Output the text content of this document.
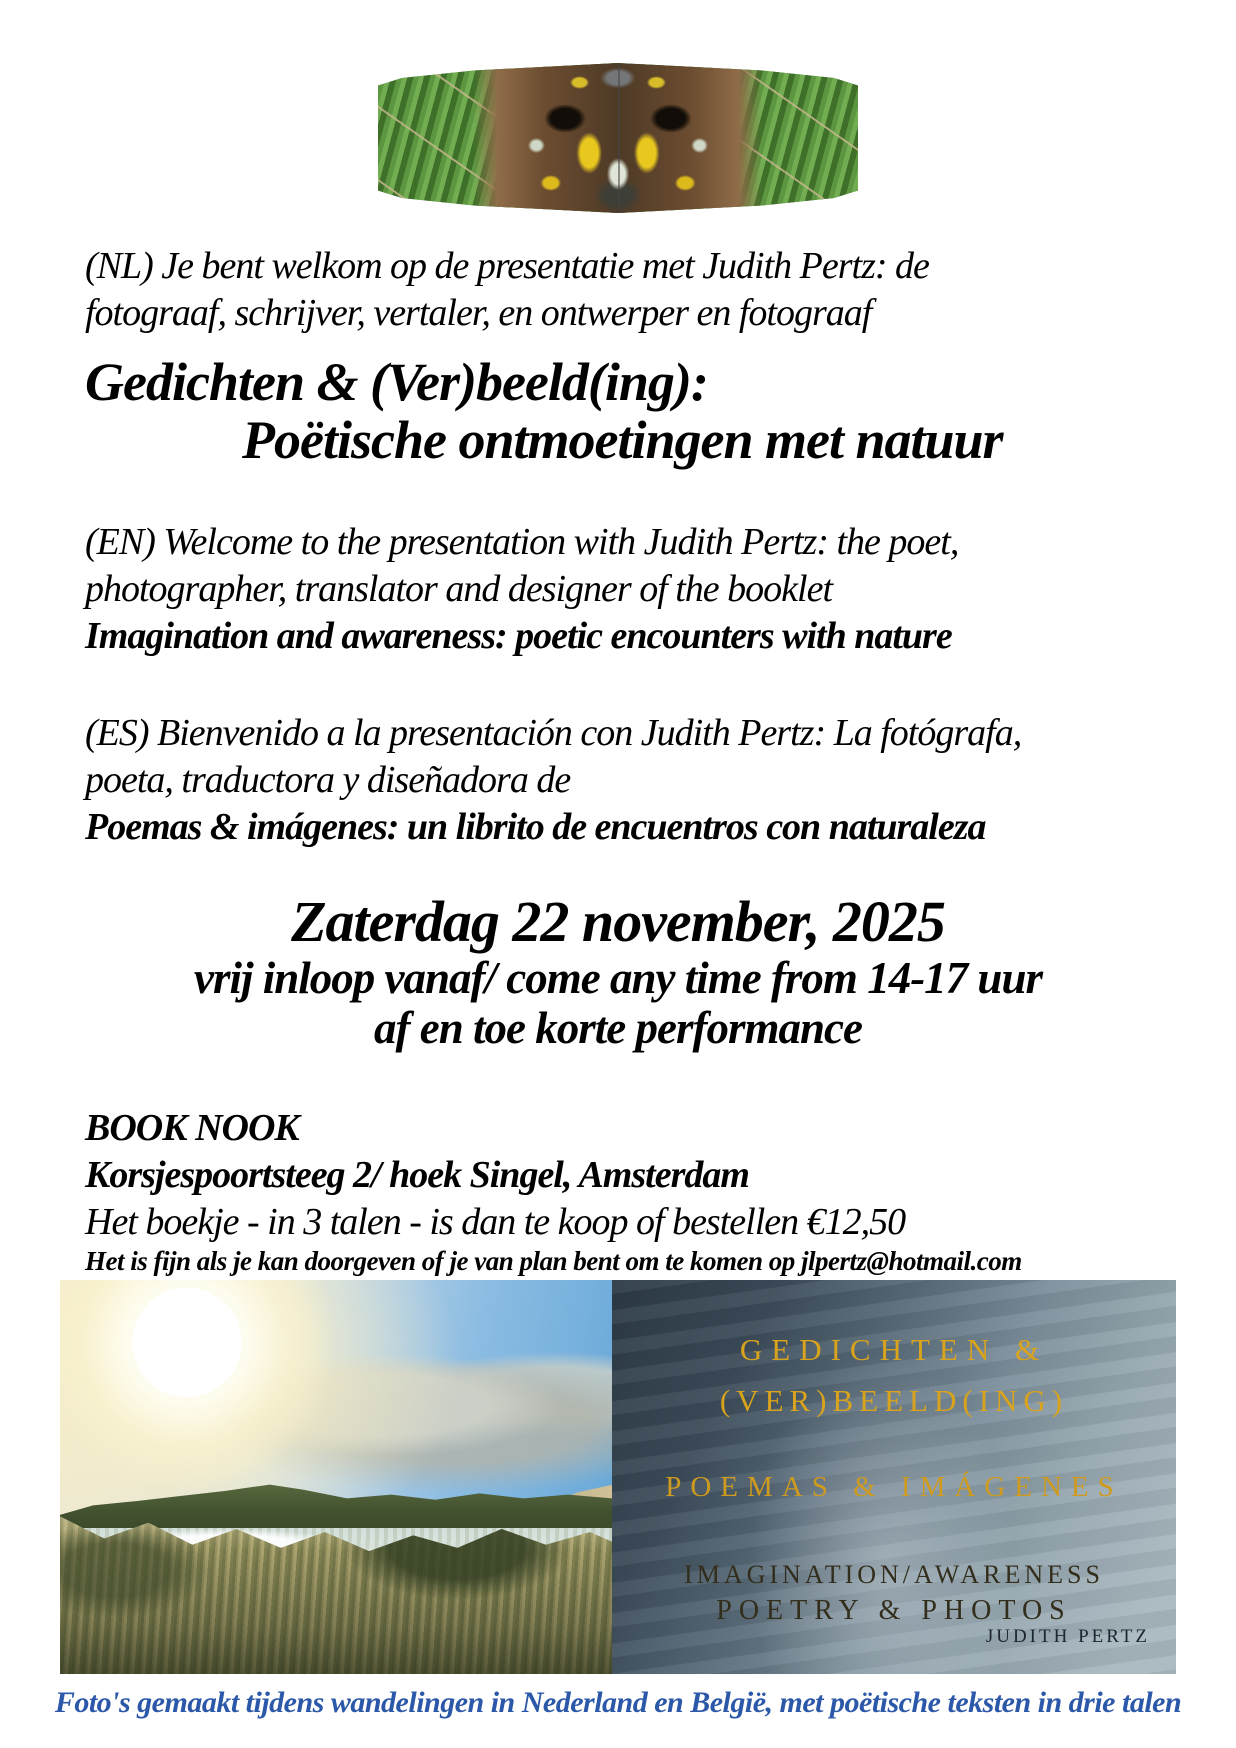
(NL) Je bent welkom op de presentatie met Judith Pertz: de
fotograaf, schrijver, vertaler, en ontwerper en fotograaf
Gedichten & (Ver)beeld(ing):
Poëtische ontmoetingen met natuur
(EN) Welcome to the presentation with Judith Pertz: the poet,
photographer, translator and designer of the booklet
Imagination and awareness: poetic encounters with nature
(ES) Bienvenido a la presentación con Judith Pertz: La fotógrafa,
poeta, traductora y diseñadora de
Poemas & imágenes: un librito de encuentros con naturaleza
Zaterdag 22 november, 2025
vrij inloop vanaf/ come any time from 14-17 uur
af en toe korte performance
BOOK NOOK
Korsjespoortsteeg 2/ hoek Singel, Amsterdam
Het boekje - in 3 talen - is dan te koop of bestellen €12,50
Het is fijn als je kan doorgeven of je van plan bent om te komen op jlpertz@hotmail.com
GEDICHTEN &
(VER)BEELD(ING)
POEMAS & IMÁGENES
IMAGINATION/AWARENESS
POETRY & PHOTOS
JUDITH PERTZ
Foto's gemaakt tijdens wandelingen in Nederland en België, met poëtische teksten in drie talen
